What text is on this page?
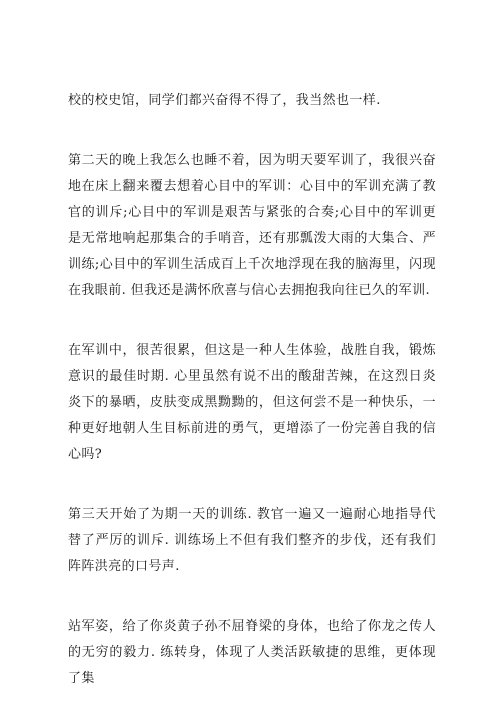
校的校史馆，同学们都兴奋得不得了，我当然也一样.

第二天的晚上我怎么也睡不着，因为明天要军训了，我很兴奋地在床上翻来覆去想着心目中的军训：心目中的军训充满了教官的训斥;心目中的军训是艰苦与紧张的合奏;心目中的军训更是无常地响起那集合的手哨音，还有那瓢泼大雨的大集合、严训练;心目中的军训生活成百上千次地浮现在我的脑海里，闪现在我眼前. 但我还是满怀欣喜与信心去拥抱我向往已久的军训.

在军训中，很苦很累，但这是一种人生体验，战胜自我，锻炼意识的最佳时期. 心里虽然有说不出的酸甜苦辣，在这烈日炎炎下的暴晒，皮肤变成黑黝黝的，但这何尝不是一种快乐，一种更好地朝人生目标前进的勇气，更增添了一份完善自我的信心吗?

第三天开始了为期一天的训练. 教官一遍又一遍耐心地指导代替了严厉的训斥. 训练场上不但有我们整齐的步伐，还有我们阵阵洪亮的口号声.

站军姿，给了你炎黄子孙不屈脊梁的身体，也给了你龙之传人的无穷的毅力. 练转身，体现了人类活跃敏捷的思维，更体现了集
